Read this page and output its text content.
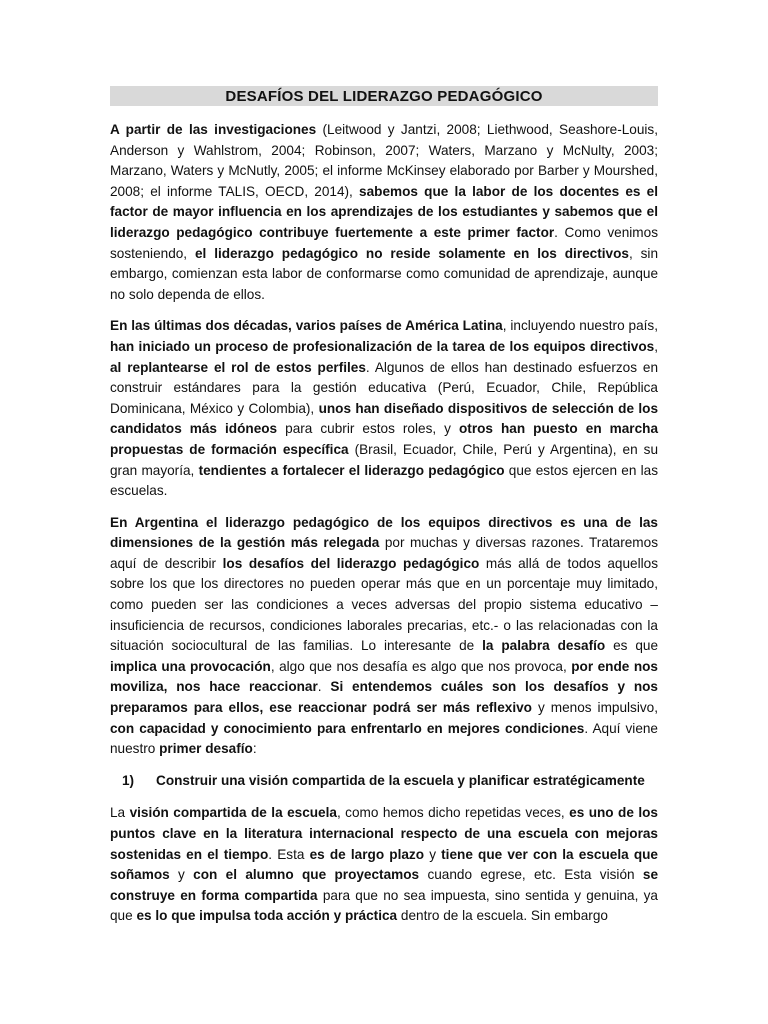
DESAFÍOS DEL LIDERAZGO PEDAGÓGICO

A partir de las investigaciones (Leitwood y Jantzi, 2008; Liethwood, Seashore-Louis, Anderson y Wahlstrom, 2004; Robinson, 2007; Waters, Marzano y McNulty, 2003; Marzano, Waters y McNutly, 2005; el informe McKinsey elaborado por Barber y Mourshed, 2008; el informe TALIS, OECD, 2014), sabemos que la labor de los docentes es el factor de mayor influencia en los aprendizajes de los estudiantes y sabemos que el liderazgo pedagógico contribuye fuertemente a este primer factor. Como venimos sosteniendo, el liderazgo pedagógico no reside solamente en los directivos, sin embargo, comienzan esta labor de conformarse como comunidad de aprendizaje, aunque no solo dependa de ellos.

En las últimas dos décadas, varios países de América Latina, incluyendo nuestro país, han iniciado un proceso de profesionalización de la tarea de los equipos directivos, al replantearse el rol de estos perfiles. Algunos de ellos han destinado esfuerzos en construir estándares para la gestión educativa (Perú, Ecuador, Chile, República Dominicana, México y Colombia), unos han diseñado dispositivos de selección de los candidatos más idóneos para cubrir estos roles, y otros han puesto en marcha propuestas de formación específica (Brasil, Ecuador, Chile, Perú y Argentina), en su gran mayoría, tendientes a fortalecer el liderazgo pedagógico que estos ejercen en las escuelas.

En Argentina el liderazgo pedagógico de los equipos directivos es una de las dimensiones de la gestión más relegada por muchas y diversas razones. Trataremos aquí de describir los desafíos del liderazgo pedagógico más allá de todos aquellos sobre los que los directores no pueden operar más que en un porcentaje muy limitado, como pueden ser las condiciones a veces adversas del propio sistema educativo – insuficiencia de recursos, condiciones laborales precarias, etc.- o las relacionadas con la situación sociocultural de las familias. Lo interesante de la palabra desafío es que implica una provocación, algo que nos desafía es algo que nos provoca, por ende nos moviliza, nos hace reaccionar. Si entendemos cuáles son los desafíos y nos preparamos para ellos, ese reaccionar podrá ser más reflexivo y menos impulsivo, con capacidad y conocimiento para enfrentarlo en mejores condiciones. Aquí viene nuestro primer desafío:

1)	Construir una visión compartida de la escuela y planificar estratégicamente

La visión compartida de la escuela, como hemos dicho repetidas veces, es uno de los puntos clave en la literatura internacional respecto de una escuela con mejoras sostenidas en el tiempo. Esta es de largo plazo y tiene que ver con la escuela que soñamos y con el alumno que proyectamos cuando egrese, etc. Esta visión se construye en forma compartida para que no sea impuesta, sino sentida y genuina, ya que es lo que impulsa toda acción y práctica dentro de la escuela. Sin embargo
